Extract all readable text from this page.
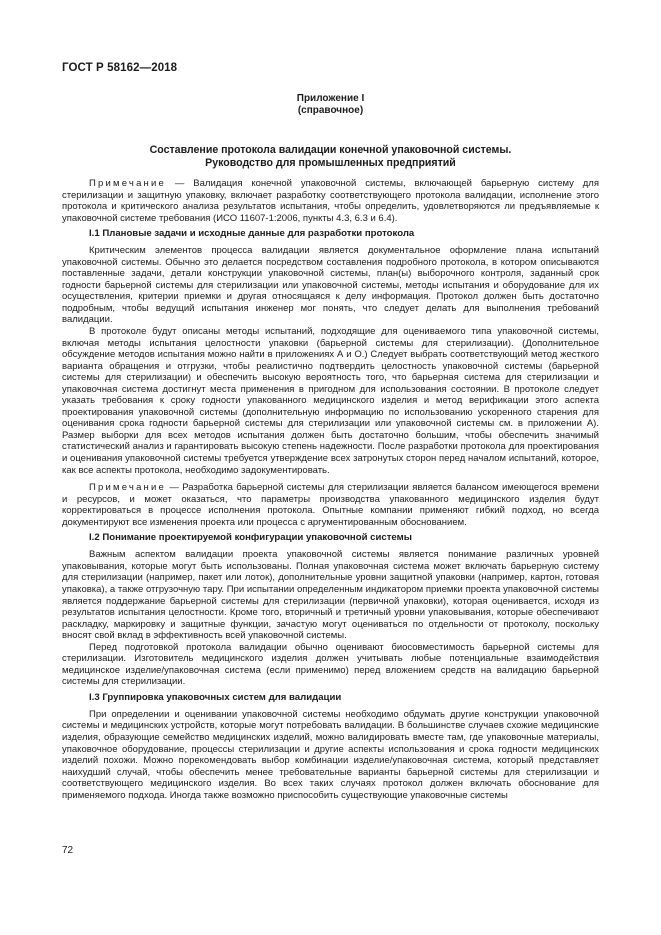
ГОСТ Р 58162—2018
Приложение I
(справочное)
Составление протокола валидации конечной упаковочной системы.
Руководство для промышленных предприятий

Примечание — Валидация конечной упаковочной системы, включающей барьерную систему для стерилизации и защитную упаковку, включает разработку соответствующего протокола валидации, исполнение этого протокола и критического анализа результатов испытания, чтобы определить, удовлетворяются ли предъявляемые к упаковочной системе требования (ИСО 11607-1:2006, пункты 4.3, 6.3 и 6.4).

I.1 Плановые задачи и исходные данные для разработки протокола

Критическим элементов процесса валидации является документальное оформление плана испытаний упаковочной системы. Обычно это делается посредством составления подробного протокола, в котором описываются поставленные задачи, детали конструкции упаковочной системы, план(ы) выборочного контроля, заданный срок годности барьерной системы для стерилизации или упаковочной системы, методы испытания и оборудование для их осуществления, критерии приемки и другая относящаяся к делу информация. Протокол должен быть достаточно подробным, чтобы ведущий испытания инженер мог понять, что следует делать для выполнения требований валидации.

В протоколе будут описаны методы испытаний, подходящие для оцениваемого типа упаковочной системы, включая методы испытания целостности упаковки (барьерной системы для стерилизации). (Дополнительное обсуждение методов испытания можно найти в приложениях А и О.) Следует выбрать соответствующий метод жесткого варианта обращения и отгрузки, чтобы реалистично подтвердить целостность упаковочной системы (барьерной системы для стерилизации) и обеспечить высокую вероятность того, что барьерная система для стерилизации и упаковочная система достигнут места применения в пригодном для использования состоянии. В протоколе следует указать требования к сроку годности упакованного медицинского изделия и метод верификации этого аспекта проектирования упаковочной системы (дополнительную информацию по использованию ускоренного старения для оценивания срока годности барьерной системы для стерилизации или упаковочной системы см. в приложении А). Размер выборки для всех методов испытания должен быть достаточно большим, чтобы обеспечить значимый статистический анализ и гарантировать высокую степень надежности. После разработки протокола для проектирования и оценивания упаковочной системы требуется утверждение всех затронутых сторон перед началом испытаний, которое, как все аспекты протокола, необходимо задокументировать.

Примечание — Разработка барьерной системы для стерилизации является балансом имеющегося времени и ресурсов, и может оказаться, что параметры производства упакованного медицинского изделия будут корректироваться в процессе исполнения протокола. Опытные компании применяют гибкий подход, но всегда документируют все изменения проекта или процесса с аргументированным обоснованием.

I.2 Понимание проектируемой конфигурации упаковочной системы

Важным аспектом валидации проекта упаковочной системы является понимание различных уровней упаковывания, которые могут быть использованы. Полная упаковочная система может включать барьерную систему для стерилизации (например, пакет или лоток), дополнительные уровни защитной упаковки (например, картон, готовая упаковка), а также отгрузочную тару. При испытании определенным индикатором приемки проекта упаковочной системы является поддержание барьерной системы для стерилизации (первичной упаковки), которая оценивается, исходя из результатов испытания целостности. Кроме того, вторичный и третичный уровни упаковывания, которые обеспечивают раскладку, маркировку и защитные функции, зачастую могут оцениваться по отдельности от протоколу, поскольку вносят свой вклад в эффективность всей упаковочной системы.

Перед подготовкой протокола валидации обычно оценивают биосовместимость барьерной системы для стерилизации. Изготовитель медицинского изделия должен учитывать любые потенциальные взаимодействия медицинское изделие/упаковочная система (если применимо) перед вложением средств на валидацию барьерной системы для стерилизации.

I.3 Группировка упаковочных систем для валидации

При определении и оценивании упаковочной системы необходимо обдумать другие конструкции упаковочной системы и медицинских устройств, которые могут потребовать валидации. В большинстве случаев схожие медицинские изделия, образующие семейство медицинских изделий, можно валидировать вместе там, где упаковочные материалы, упаковочное оборудование, процессы стерилизации и другие аспекты использования и срока годности медицинских изделий похожи. Можно порекомендовать выбор комбинации изделие/упаковочная система, который представляет наихудший случай, чтобы обеспечить менее требовательные варианты барьерной системы для стерилизации и соответствующего медицинского изделия. Во всех таких случаях протокол должен включать обоснование для применяемого подхода. Иногда также возможно приспособить существующие упаковочные системы

72
